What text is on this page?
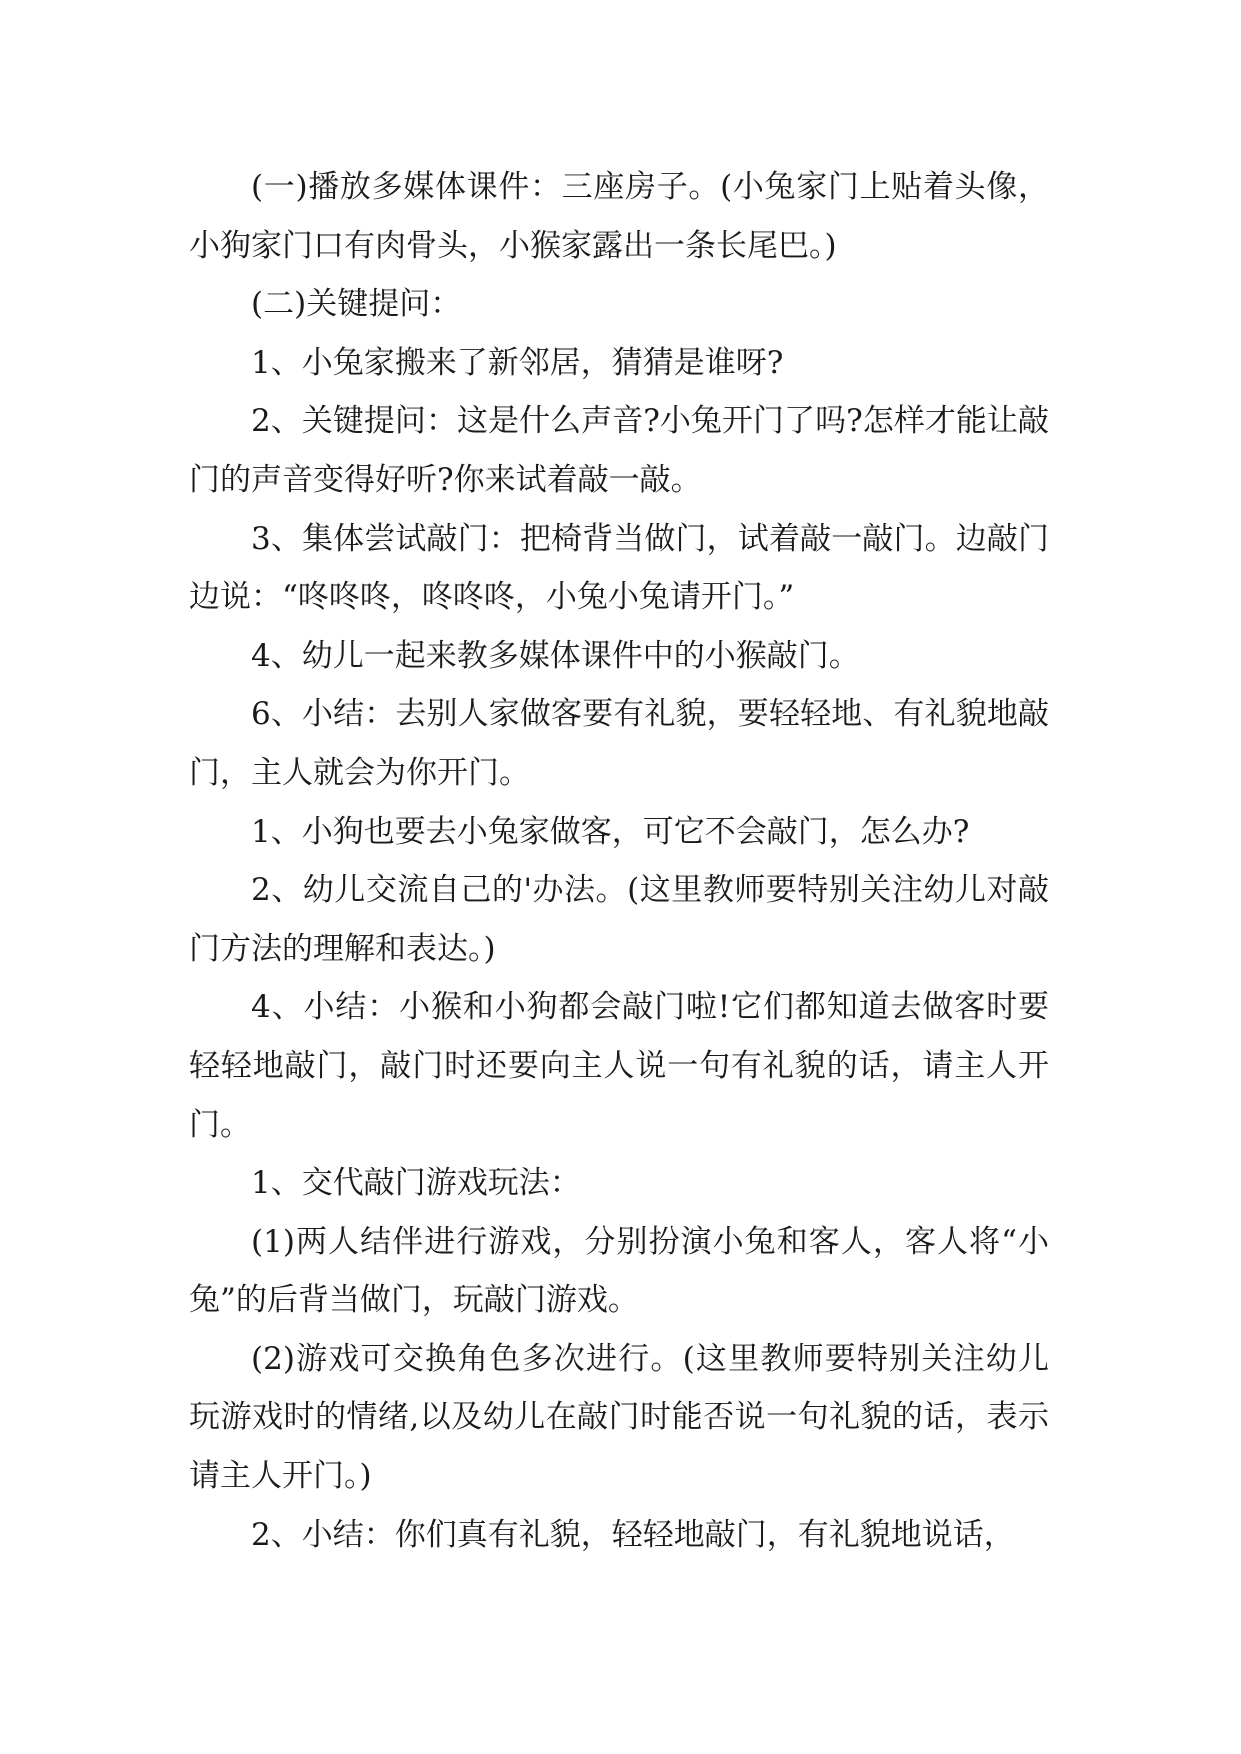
(一)播放多媒体课件：三座房子。(小兔家门上贴着头像，小狗家门口有肉骨头，小猴家露出一条长尾巴。)

(二)关键提问：

1、小兔家搬来了新邻居，猜猜是谁呀?

2、关键提问：这是什么声音?小兔开门了吗?怎样才能让敲门的声音变得好听?你来试着敲一敲。

3、集体尝试敲门：把椅背当做门，试着敲一敲门。边敲门边说：“咚咚咚，咚咚咚，小兔小兔请开门。”

4、幼儿一起来教多媒体课件中的小猴敲门。

6、小结：去别人家做客要有礼貌，要轻轻地、有礼貌地敲门，主人就会为你开门。

1、小狗也要去小兔家做客，可它不会敲门，怎么办?

2、幼儿交流自己的'办法。(这里教师要特别关注幼儿对敲门方法的理解和表达。)

4、小结：小猴和小狗都会敲门啦!它们都知道去做客时要轻轻地敲门，敲门时还要向主人说一句有礼貌的话，请主人开门。

1、交代敲门游戏玩法：

(1)两人结伴进行游戏，分别扮演小兔和客人，客人将“小兔”的后背当做门，玩敲门游戏。

(2)游戏可交换角色多次进行。(这里教师要特别关注幼儿玩游戏时的情绪,以及幼儿在敲门时能否说一句礼貌的话，表示请主人开门。)

2、小结：你们真有礼貌，轻轻地敲门，有礼貌地说话，
